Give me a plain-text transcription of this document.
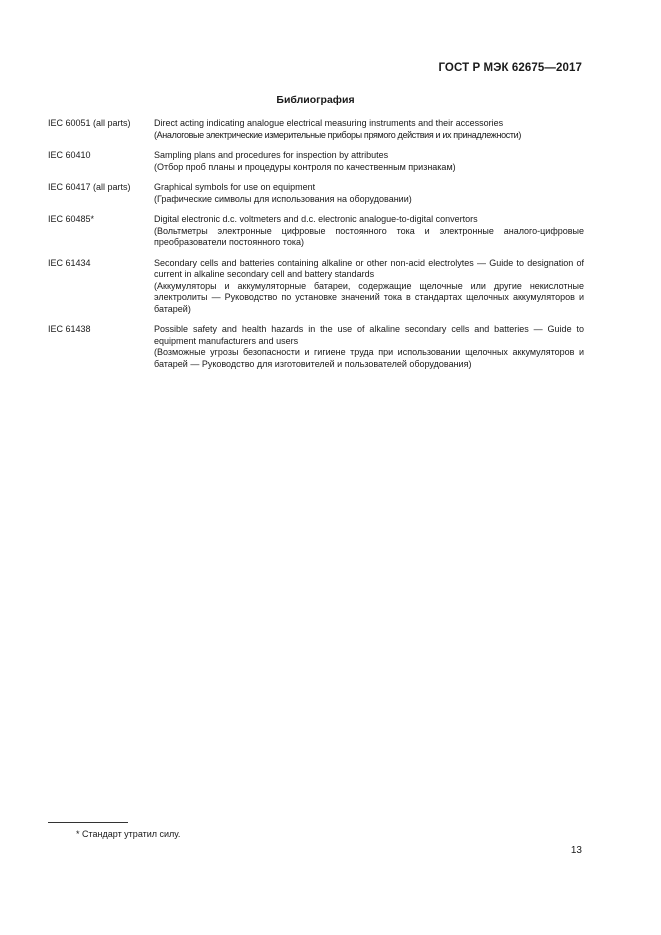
ГОСТ Р МЭК 62675—2017
Библиография
IEC 60051 (all parts)	Direct acting indicating analogue electrical measuring instruments and their accessories
(Аналоговые электрические измерительные приборы прямого действия и их принадлежности)
IEC 60410	Sampling plans and procedures for inspection by attributes
(Отбор проб планы и процедуры контроля по качественным признакам)
IEC 60417 (all parts)	Graphical symbols for use on equipment
(Графические символы для использования на оборудовании)
IEC 60485*	Digital electronic d.c. voltmeters and d.c. electronic analogue-to-digital convertors
(Вольтметры электронные цифровые постоянного тока и электронные аналого-цифровые преобразователи постоянного тока)
IEC 61434	Secondary cells and batteries containing alkaline or other non-acid electrolytes — Guide to designation of current in alkaline secondary cell and battery standards
(Аккумуляторы и аккумуляторные батареи, содержащие щелочные или другие некислотные электролиты — Руководство по установке значений тока в стандартах щелочных аккумуляторов и батарей)
IEC 61438	Possible safety and health hazards in the use of alkaline secondary cells and batteries — Guide to equipment manufacturers and users
(Возможные угрозы безопасности и гигиене труда при использовании щелочных аккумуляторов и батарей — Руководство для изготовителей и пользователей оборудования)
* Стандарт утратил силу.
13
